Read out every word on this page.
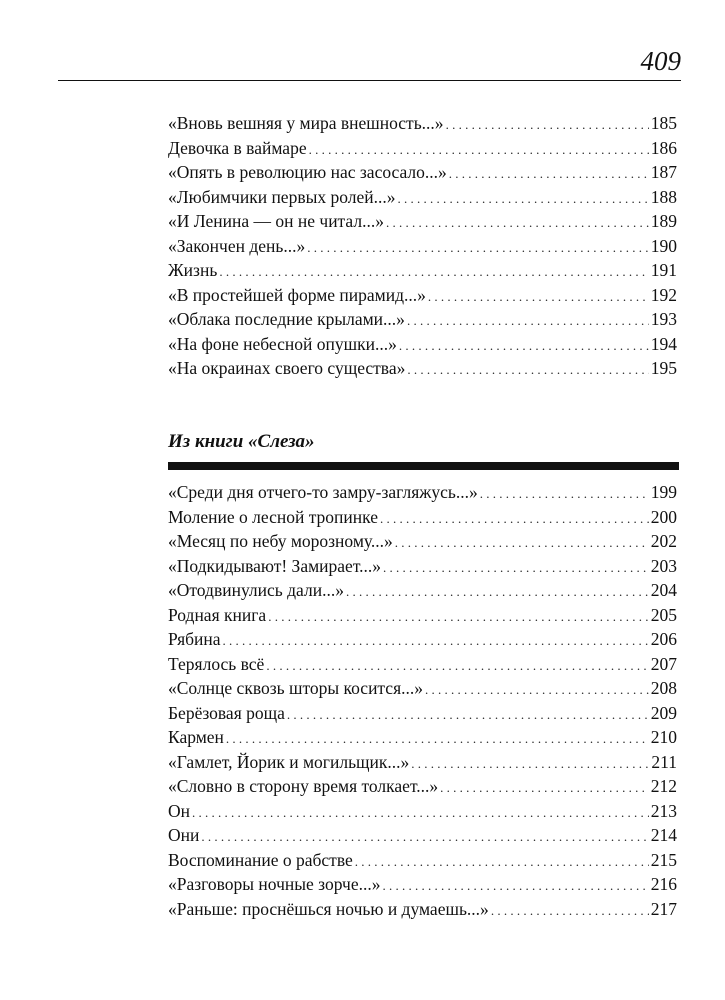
409
«Вновь вешняя у мира внешность...» . . .	185
Девочка в ваймаре . . .	186
«Опять в революцию нас засосало...» . . .	187
«Любимчики первых ролей...» . . .	188
«И Ленина — он не читал...» . . .	189
«Закончен день...» . . .	190
Жизнь . . .	191
«В простейшей форме пирамид...» . . .	192
«Облака последние крылами...» . . .	193
«На фоне небесной опушки...» . . .	194
«На окраинах своего существа» . . .	195
Из книги «Слеза»
«Среди дня отчего-то замру-загляжусь...» . . .	199
Моление о лесной тропинке . . .	200
«Месяц по небу морозному...» . . .	202
«Подкидывают! Замирает...» . . .	203
«Отодвинулись дали...» . . .	204
Родная книга . . .	205
Рябина . . .	206
Терялось всё . . .	207
«Солнце сквозь шторы косится...» . . .	208
Берёзовая роща . . .	209
Кармен . . .	210
«Гамлет, Йорик и могильщик...» . . .	211
«Словно в сторону время толкает...» . . .	212
Он . . .	213
Они . . .	214
Воспоминание о рабстве . . .	215
«Разговоры ночные зорче...» . . .	216
«Раньше: проснёшься ночью и думаешь...» . . .	217
